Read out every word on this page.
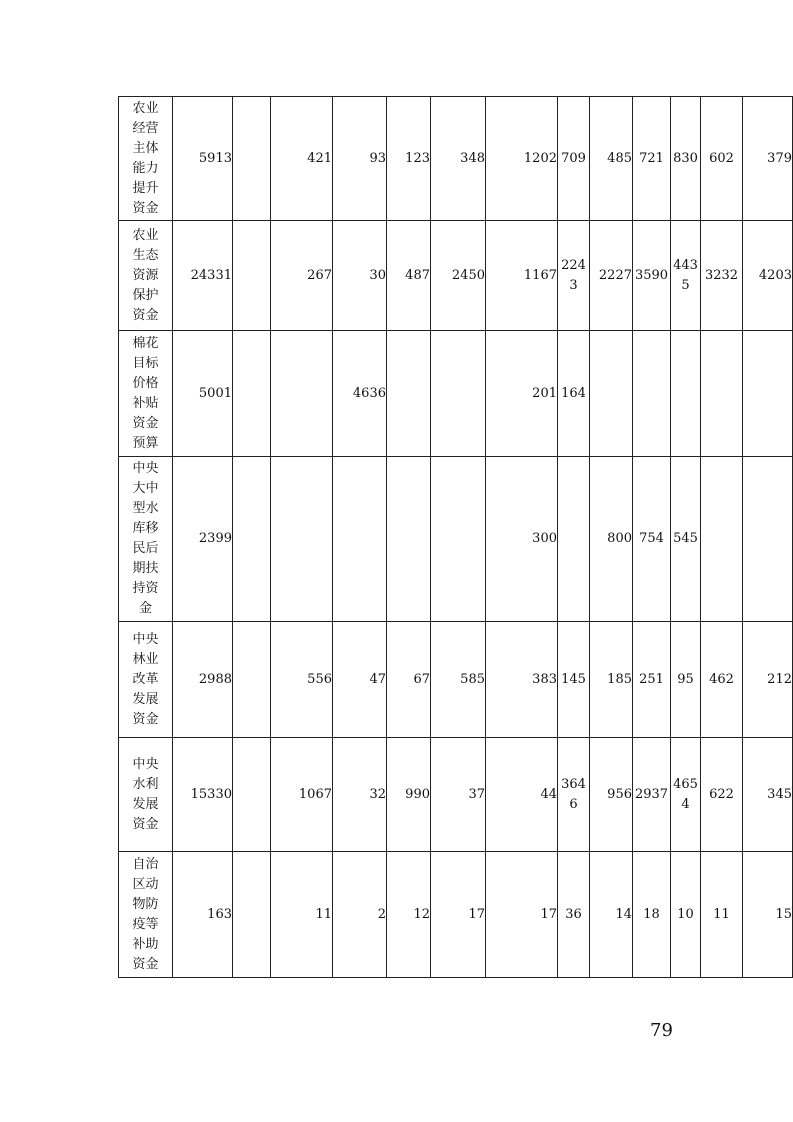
农业经营主体能力提升资金	5913		421	93	123	348	1202	709	485	721	830	602	379
农业生态资源保护资金	24331		267	30	487	2450	1167	2243	2227	3590	4435	3232	4203
棉花目标价格补贴资金预算	5001			4636			201	164					
中央大中型水库移民后期扶持资金	2399						300		800	754	545		
中央林业改革发展资金	2988		556	47	67	585	383	145	185	251	95	462	212
中央水利发展资金	15330		1067	32	990	37	44	3646	956	2937	4654	622	345
自治区动物防疫等补助资金	163		11	2	12	17	17	36	14	18	10	11	15
79
